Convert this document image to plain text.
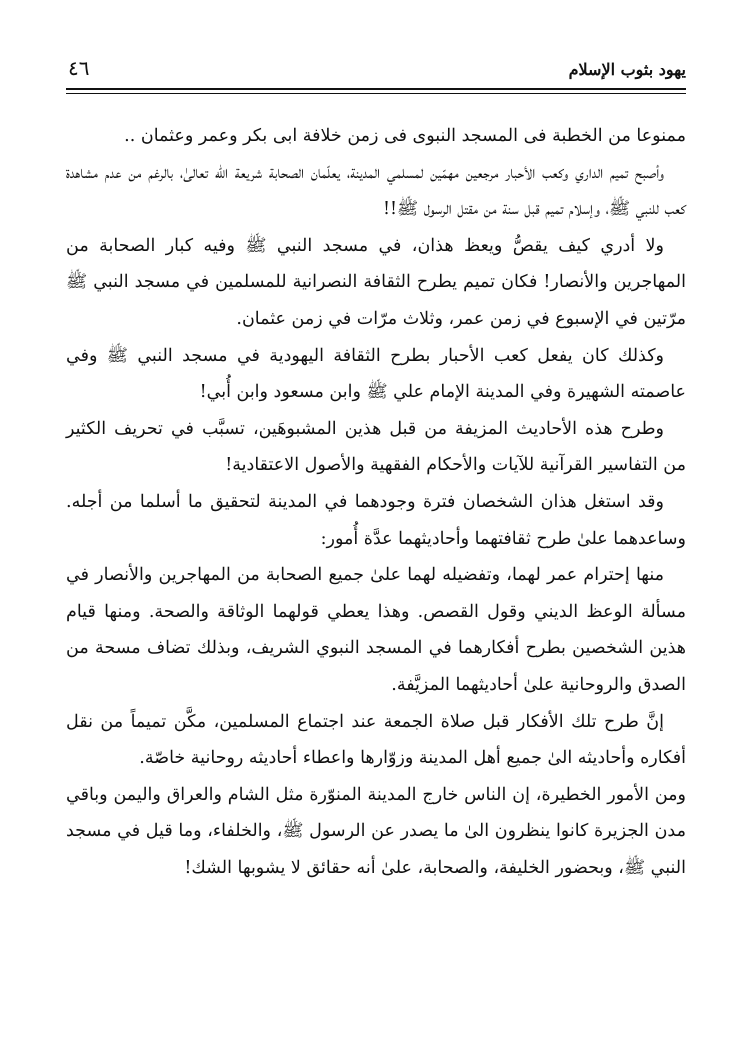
يهود بثوب الإسلام
٤٦

ممنوعا من الخطبة فى المسجد النبوى فى زمن خلافة ابى بكر وعمر وعثمان ..

وأصبح تميم الداري وكعب الأحبار مرجعين مهمّين لمسلمي المدينة، يعلّمان الصحابة شريعة الله تعالىٰ، بالرغم من عدم مشاهدة كعب للنبي ﷺ، وإسلام تميم قبل سنة من مقتل الرسول ﷺ!!

ولا أدري كيف يقصُّ ويعظ هذان، في مسجد النبي ﷺ وفيه كبار الصحابة من المهاجرين والأنصار! فكان تميم يطرح الثقافة النصرانية للمسلمين في مسجد النبي ﷺ مرّتين في الإسبوع في زمن عمر، وثلاث مرّات في زمن عثمان.

وكذلك كان يفعل كعب الأحبار بطرح الثقافة اليهودية في مسجد النبي ﷺ وفي عاصمته الشهيرة وفي المدينة الإمام علي ﷺ وابن مسعود وابن أُبي!

وطرح هذه الأحاديث المزيفة من قبل هذين المشبوهَين، تسبَّب في تحريف الكثير من التفاسير القرآنية للآيات والأحكام الفقهية والأصول الاعتقادية!

وقد استغل هذان الشخصان فترة وجودهما في المدينة لتحقيق ما أسلما من أجله. وساعدهما علىٰ طرح ثقافتهما وأحاديثهما عدَّة أُمور:

منها إحترام عمر لهما، وتفضيله لهما علىٰ جميع الصحابة من المهاجرين والأنصار في مسألة الوعظ الديني وقول القصص. وهذا يعطي قولهما الوثاقة والصحة. ومنها قيام هذين الشخصين بطرح أفكارهما في المسجد النبوي الشريف، وبذلك تضاف مسحة من الصدق والروحانية علىٰ أحاديثهما المزيَّفة.

إنَّ طرح تلك الأفكار قبل صلاة الجمعة عند اجتماع المسلمين، مكَّن تميماً من نقل أفكاره وأحاديثه الىٰ جميع أهل المدينة وزوّارها واعطاء أحاديثه روحانية خاصّة.

ومن الأمور الخطيرة، إن الناس خارج المدينة المنوّرة مثل الشام والعراق واليمن وباقي مدن الجزيرة كانوا ينظرون الىٰ ما يصدر عن الرسول ﷺ، والخلفاء، وما قيل في مسجد النبي ﷺ، وبحضور الخليفة، والصحابة، علىٰ أنه حقائق لا يشوبها الشك!
